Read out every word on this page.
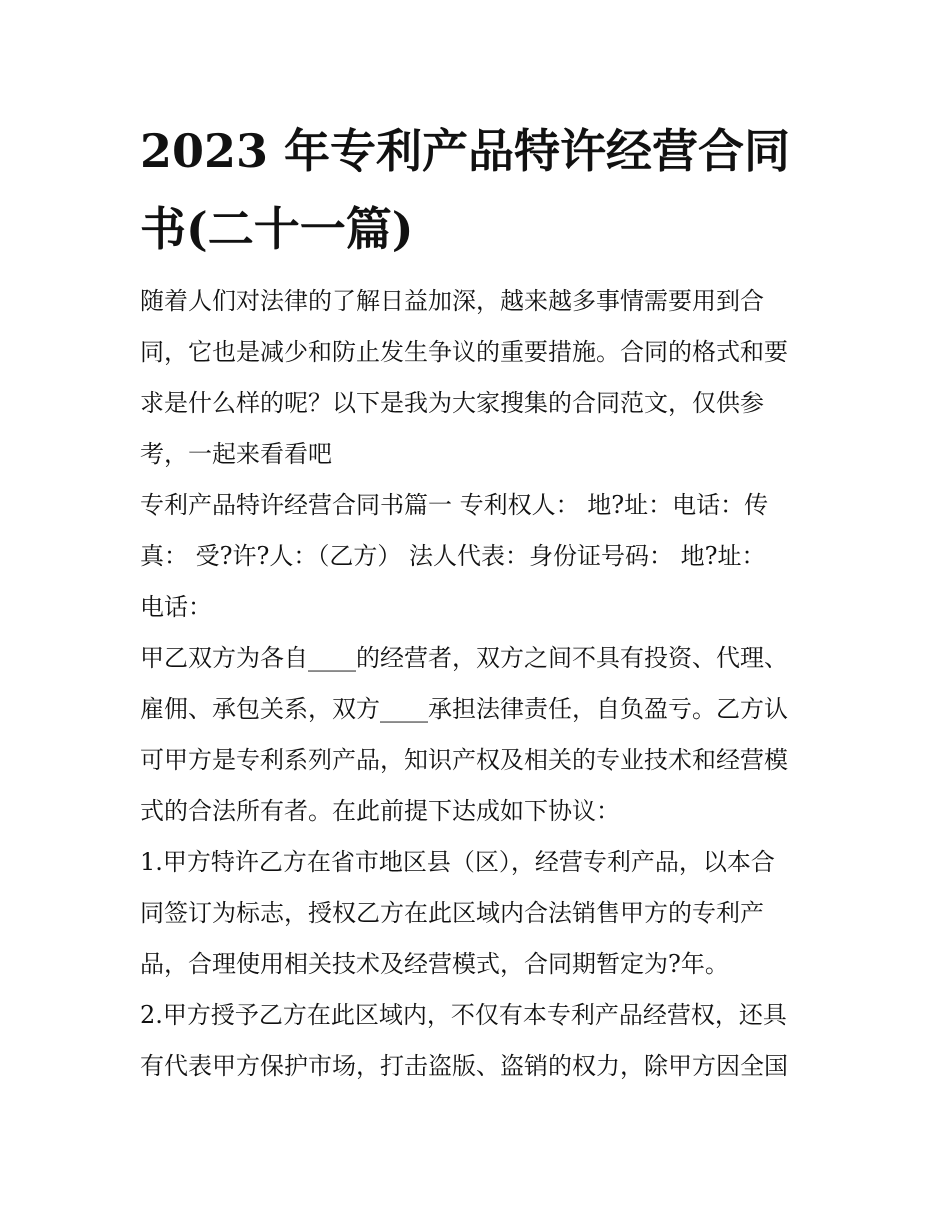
2023 年专利产品特许经营合同
书(二十一篇)

随着人们对法律的了解日益加深，越来越多事情需要用到合
同，它也是减少和防止发生争议的重要措施。合同的格式和要
求是什么样的呢？以下是我为大家搜集的合同范文，仅供参
考，一起来看看吧

专利产品特许经营合同书篇一 专利权人： 地?址：电话：传
真： 受?许?人：（乙方） 法人代表：身份证号码： 地?址：
电话：

甲乙双方为各自____的经营者，双方之间不具有投资、代理、
雇佣、承包关系，双方____承担法律责任，自负盈亏。乙方认
可甲方是专利系列产品，知识产权及相关的专业技术和经营模
式的合法所有者。在此前提下达成如下协议：

1.甲方特许乙方在省市地区县（区），经营专利产品，以本合
同签订为标志，授权乙方在此区域内合法销售甲方的专利产
品，合理使用相关技术及经营模式，合同期暂定为?年。

2.甲方授予乙方在此区域内，不仅有本专利产品经营权，还具
有代表甲方保护市场，打击盗版、盗销的权力，除甲方因全国
